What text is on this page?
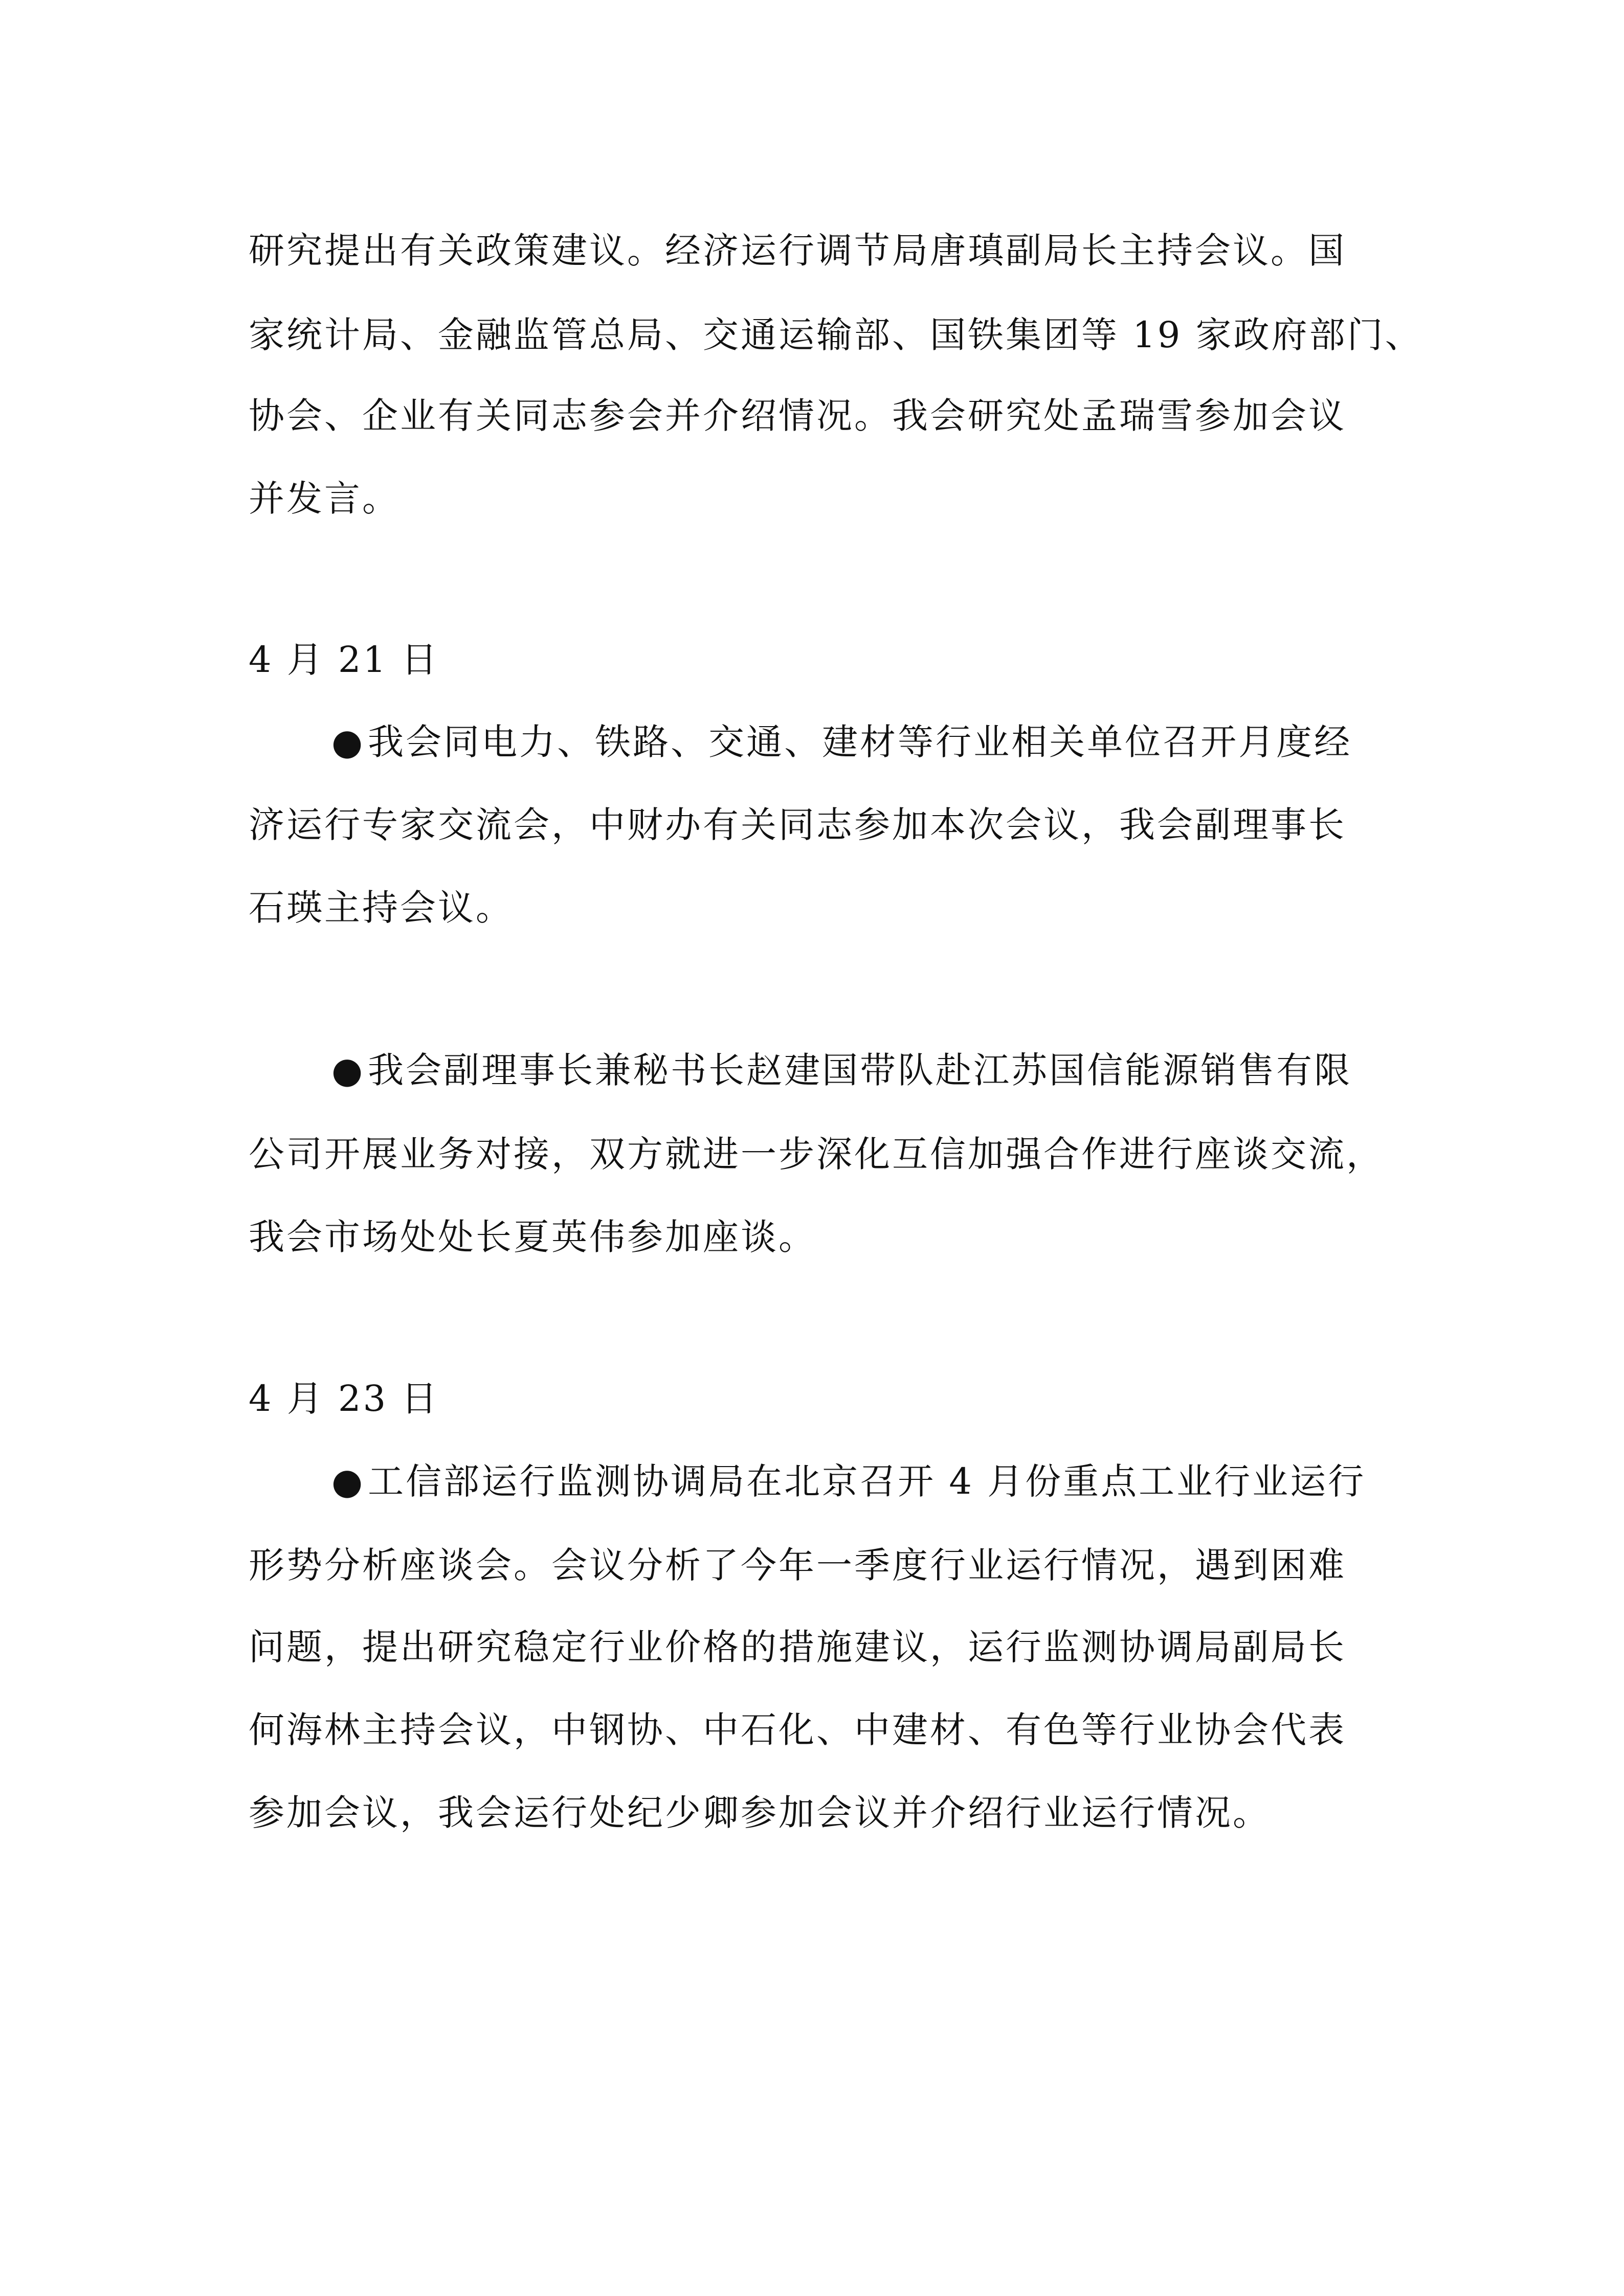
研究提出有关政策建议。经济运行调节局唐瑱副局长主持会议。国
家统计局、金融监管总局、交通运输部、国铁集团等 19 家政府部门、
协会、企业有关同志参会并介绍情况。我会研究处孟瑞雪参加会议
并发言。
4 月 21 日
●我会同电力、铁路、交通、建材等行业相关单位召开月度经
济运行专家交流会，中财办有关同志参加本次会议，我会副理事长
石瑛主持会议。
●我会副理事长兼秘书长赵建国带队赴江苏国信能源销售有限
公司开展业务对接，双方就进一步深化互信加强合作进行座谈交流，
我会市场处处长夏英伟参加座谈。
4 月 23 日
●工信部运行监测协调局在北京召开 4 月份重点工业行业运行
形势分析座谈会。会议分析了今年一季度行业运行情况，遇到困难
问题，提出研究稳定行业价格的措施建议，运行监测协调局副局长
何海林主持会议，中钢协、中石化、中建材、有色等行业协会代表
参加会议，我会运行处纪少卿参加会议并介绍行业运行情况。
